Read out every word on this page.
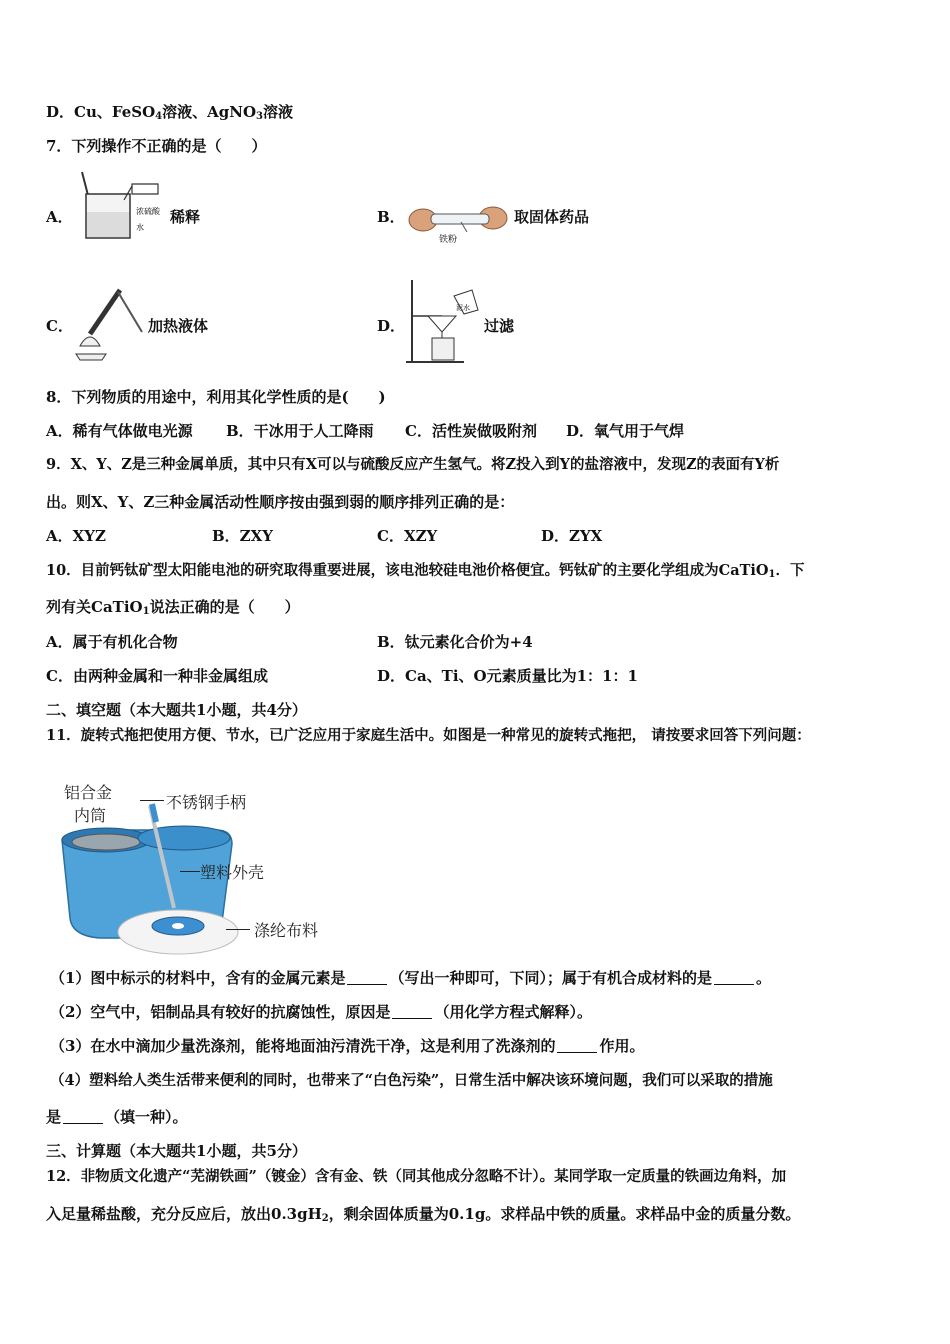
D．Cu、FeSO$_4$溶液、AgNO$_3$溶液
7．下列操作不正确的是（　　）
A．	浓硫酸
水
稀释	B．
铁粉
取固体药品
C．	加热液体	D．
泥水
过滤
8．下列物质的用途中，利用其化学性质的是(　　)
A．稀有气体做电光源 B．干冰用于人工降雨 C．活性炭做吸附剂 D．氧气用于气焊
9．X、Y、Z是三种金属单质，其中只有X可以与硫酸反应产生氢气。将Z投入到Y的盐溶液中，发现Z的表面有Y析
出。则X、Y、Z三种金属活动性顺序按由强到弱的顺序排列正确的是：
A．XYZ	B．ZXY	C．XZY	D．ZYX
10．目前钙钛矿型太阳能电池的研究取得重要进展，该电池较硅电池价格便宜。钙钛矿的主要化学组成为CaTiO$_1$．下
列有关CaTiO$_1$说法正确的是（　　）
A．属于有机化合物	B．钛元素化合价为+4
C．由两种金属和一种非金属组成	D．Ca、Ti、O元素质量比为1：1：1
二、填空题（本大题共1小题，共4分）
11．旋转式拖把使用方便、节水，已广泛应用于家庭生活中。如图是一种常见的旋转式拖把， 请按要求回答下列问题：
铝合金
内筒
不锈钢手柄
塑料外壳
涤纶布料
（1）图中标示的材料中，含有的金属元素是	（写出一种即可，下同）；属于有机合成材料的是	。
（2）空气中，铝制品具有较好的抗腐蚀性，原因是	（用化学方程式解释）。
（3）在水中滴加少量洗涤剂，能将地面油污清洗干净，这是利用了洗涤剂的	作用。
（4）塑料给人类生活带来便利的同时，也带来了“白色污染”，日常生活中解决该环境问题，我们可以采取的措施
是	（填一种）。
三、计算题（本大题共1小题，共5分）
12．非物质文化遗产“芜湖铁画”（镀金）含有金、铁（同其他成分忽略不计）。某同学取一定质量的铁画边角料，加
入足量稀盐酸，充分反应后，放出$0.3gH_2$，剩余固体质量为0.1g。求样品中铁的质量。求样品中金的质量分数。
